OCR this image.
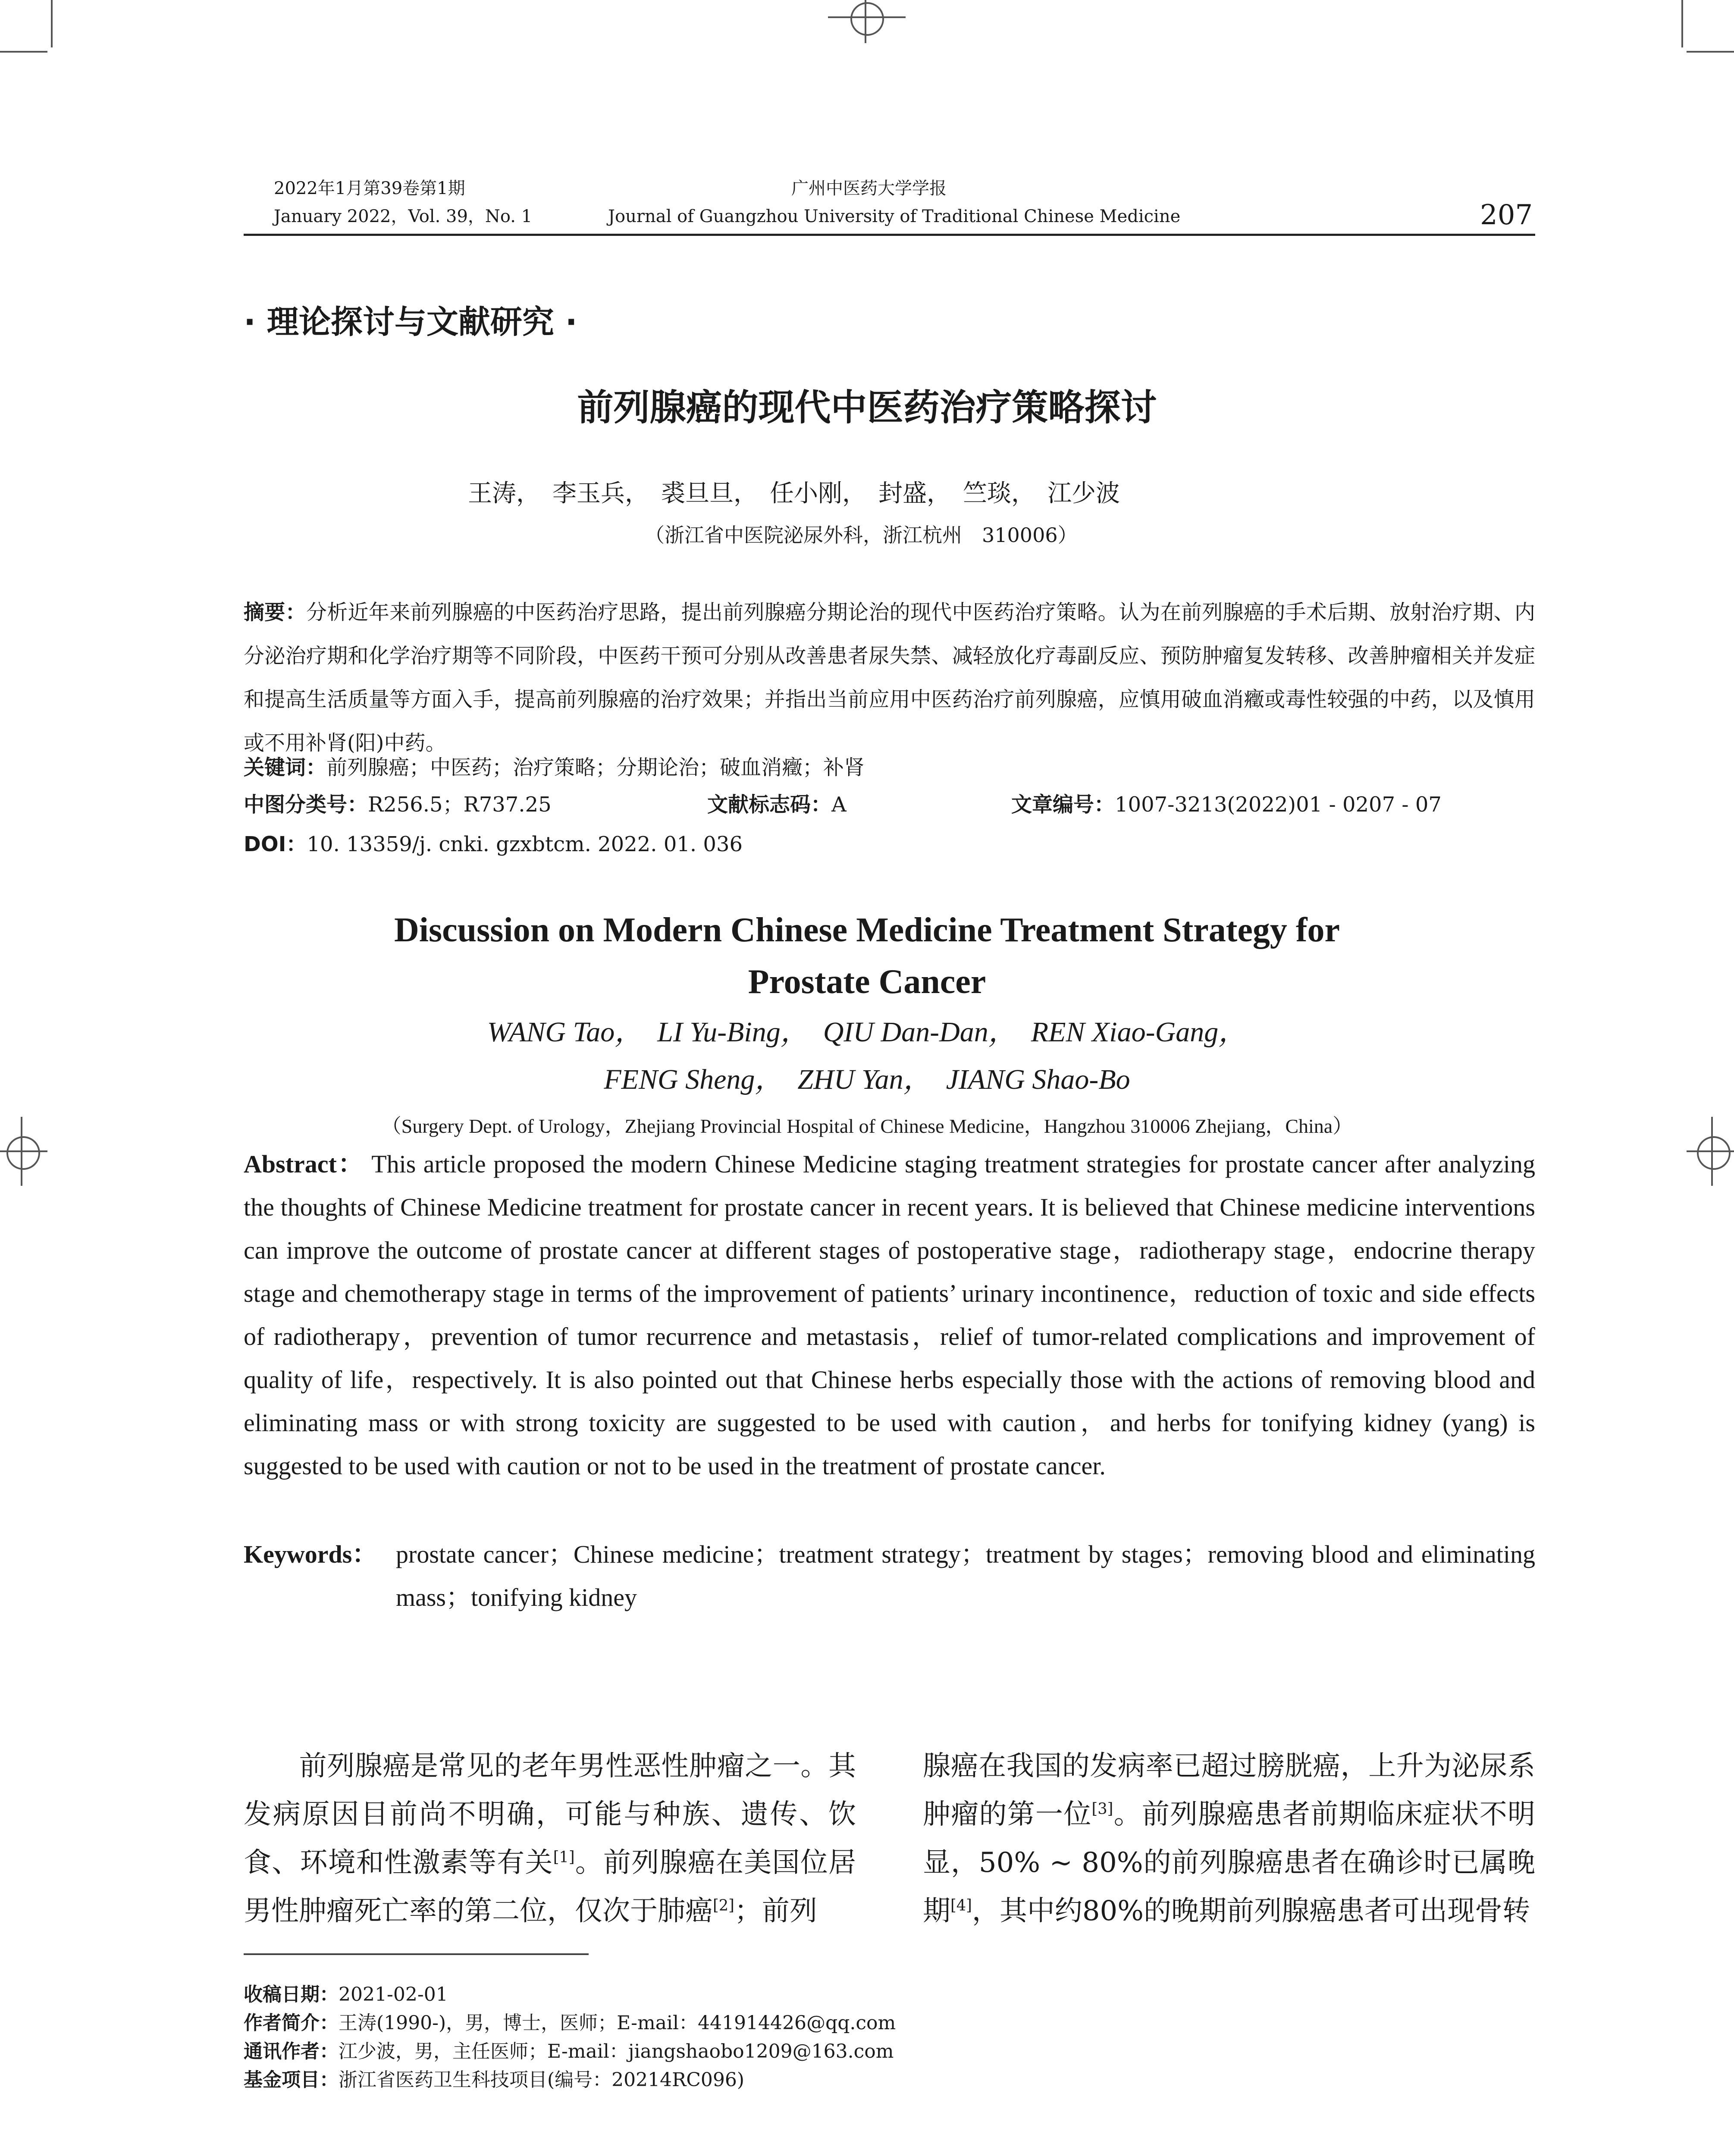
2022年1月第39卷第1期
January 2022，Vol. 39，No. 1
广州中医药大学学报
Journal of Guangzhou University of Traditional Chinese Medicine	207
· 理论探讨与文献研究 ·
前列腺癌的现代中医药治疗策略探讨
王涛，　李玉兵，　裘旦旦，　任小刚，　封盛，　竺琰，　江少波
（浙江省中医院泌尿外科，浙江杭州　310006）
摘要：分析近年来前列腺癌的中医药治疗思路，提出前列腺癌分期论治的现代中医药治疗策略。认为在前列腺癌的手术后期、放射治疗期、内分泌治疗期和化学治疗期等不同阶段，中医药干预可分别从改善患者尿失禁、减轻放化疗毒副反应、预防肿瘤复发转移、改善肿瘤相关并发症和提高生活质量等方面入手，提高前列腺癌的治疗效果；并指出当前应用中医药治疗前列腺癌，应慎用破血消癥或毒性较强的中药，以及慎用或不用补肾(阳)中药。
关键词：前列腺癌；中医药；治疗策略；分期论治；破血消癥；补肾
中图分类号：R256.5；R737.25	文献标志码：A	文章编号：1007-3213(2022)01 - 0207 - 07
DOI：10. 13359/j. cnki. gzxbtcm. 2022. 01. 036
Discussion on Modern Chinese Medicine Treatment Strategy for
Prostate Cancer
WANG Tao，　LI Yu-Bing，　QIU Dan-Dan，　REN Xiao-Gang，
FENG Sheng，　ZHU Yan，　JIANG Shao-Bo
（Surgery Dept. of Urology，Zhejiang Provincial Hospital of Chinese Medicine，Hangzhou 310006 Zhejiang，China）
Abstract： This article proposed the modern Chinese Medicine staging treatment strategies for prostate cancer after analyzing the thoughts of Chinese Medicine treatment for prostate cancer in recent years. It is believed that Chinese medicine interventions can improve the outcome of prostate cancer at different stages of postoperative stage，radiotherapy stage，endocrine therapy stage and chemotherapy stage in terms of the improvement of patients’ urinary incontinence，reduction of toxic and side effects of radiotherapy，prevention of tumor recurrence and metastasis，relief of tumor-related complications and improvement of quality of life，respectively. It is also pointed out that Chinese herbs especially those with the actions of removing blood and eliminating mass or with strong toxicity are suggested to be used with caution，and herbs for tonifying kidney (yang) is suggested to be used with caution or not to be used in the treatment of prostate cancer.
Keywords： prostate cancer；Chinese medicine；treatment strategy；treatment by stages；removing blood and eliminating mass；tonifying kidney
前列腺癌是常见的老年男性恶性肿瘤之一。其发病原因目前尚不明确，可能与种族、遗传、饮食、环境和性激素等有关[1]。前列腺癌在美国位居男性肿瘤死亡率的第二位，仅次于肺癌[2]；前列
腺癌在我国的发病率已超过膀胱癌，上升为泌尿系肿瘤的第一位[3]。前列腺癌患者前期临床症状不明显，50% ~ 80%的前列腺癌患者在确诊时已属晚期[4]，其中约80%的晚期前列腺癌患者可出现骨转
收稿日期：2021-02-01
作者简介：王涛(1990-)，男，博士，医师；E-mail：441914426@qq.com
通讯作者：江少波，男，主任医师；E-mail：jiangshaobo1209@163.com
基金项目：浙江省医药卫生科技项目(编号：20214RC096)
